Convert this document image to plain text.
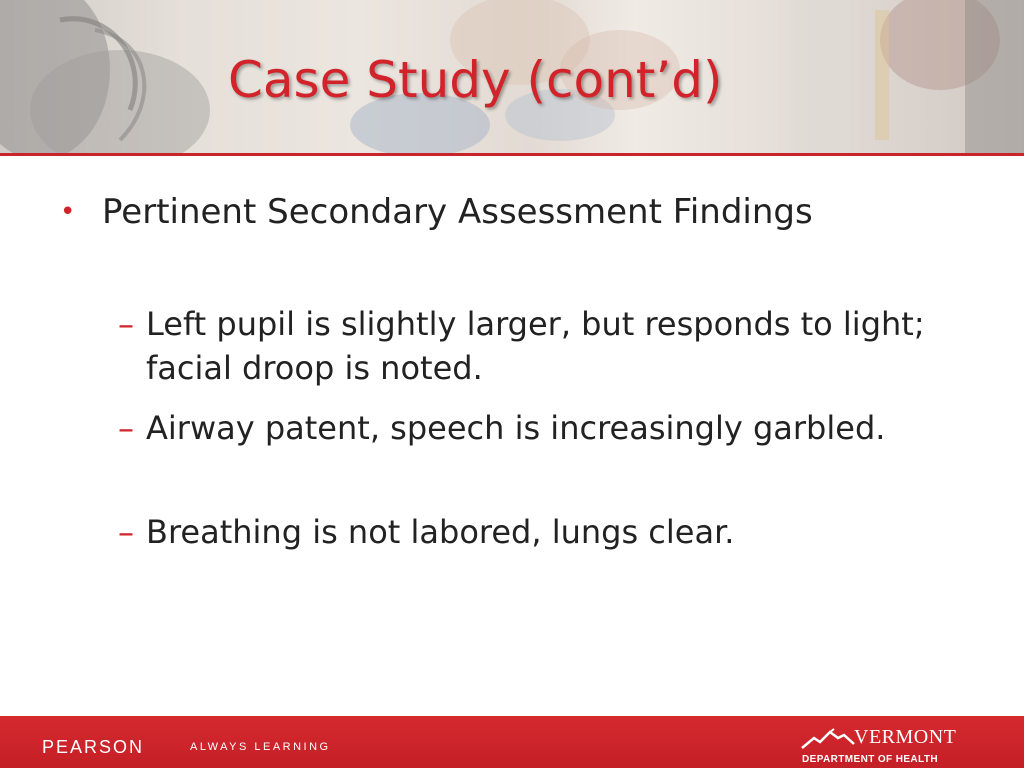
Case Study (cont’d)
• Pertinent Secondary Assessment Findings
– Left pupil is slightly larger, but responds to light; facial droop is noted.
– Airway patent, speech is increasingly garbled.
– Breathing is not labored, lungs clear.
PEARSON	ALWAYS LEARNING	VERMONT
DEPARTMENT OF HEALTH
